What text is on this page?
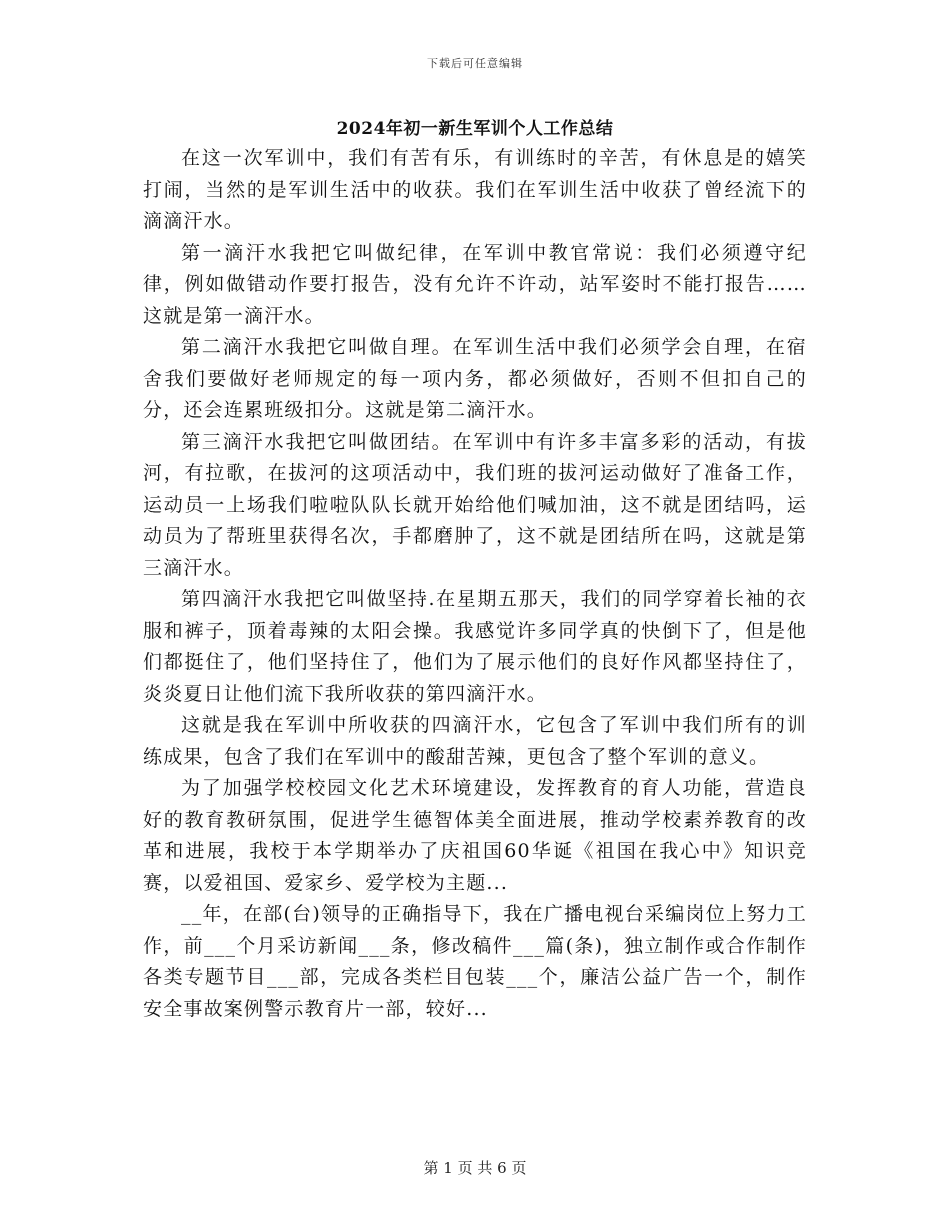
下载后可任意编辑
2024年初一新生军训个人工作总结

在这一次军训中，我们有苦有乐，有训练时的辛苦，有休息是的嬉笑打闹，当然的是军训生活中的收获。我们在军训生活中收获了曾经流下的滴滴汗水。

第一滴汗水我把它叫做纪律，在军训中教官常说：我们必须遵守纪律，例如做错动作要打报告，没有允许不许动，站军姿时不能打报告……这就是第一滴汗水。

第二滴汗水我把它叫做自理。在军训生活中我们必须学会自理，在宿舍我们要做好老师规定的每一项内务，都必须做好，否则不但扣自己的分，还会连累班级扣分。这就是第二滴汗水。

第三滴汗水我把它叫做团结。在军训中有许多丰富多彩的活动，有拔河，有拉歌，在拔河的这项活动中，我们班的拔河运动做好了准备工作，运动员一上场我们啦啦队队长就开始给他们喊加油，这不就是团结吗，运动员为了帮班里获得名次，手都磨肿了，这不就是团结所在吗，这就是第三滴汗水。

第四滴汗水我把它叫做坚持.在星期五那天，我们的同学穿着长袖的衣服和裤子，顶着毒辣的太阳会操。我感觉许多同学真的快倒下了，但是他们都挺住了，他们坚持住了，他们为了展示他们的良好作风都坚持住了，炎炎夏日让他们流下我所收获的第四滴汗水。

这就是我在军训中所收获的四滴汗水，它包含了军训中我们所有的训练成果，包含了我们在军训中的酸甜苦辣，更包含了整个军训的意义。

为了加强学校校园文化艺术环境建设，发挥教育的育人功能，营造良好的教育教研氛围，促进学生德智体美全面进展，推动学校素养教育的改革和进展，我校于本学期举办了庆祖国60华诞《祖国在我心中》知识竞赛，以爱祖国、爱家乡、爱学校为主题...

__年，在部(台)领导的正确指导下，我在广播电视台采编岗位上努力工作，前___个月采访新闻___条，修改稿件___篇(条)，独立制作或合作制作各类专题节目___部，完成各类栏目包装___个，廉洁公益广告一个，制作安全事故案例警示教育片一部，较好...

第 1 页 共 6 页
